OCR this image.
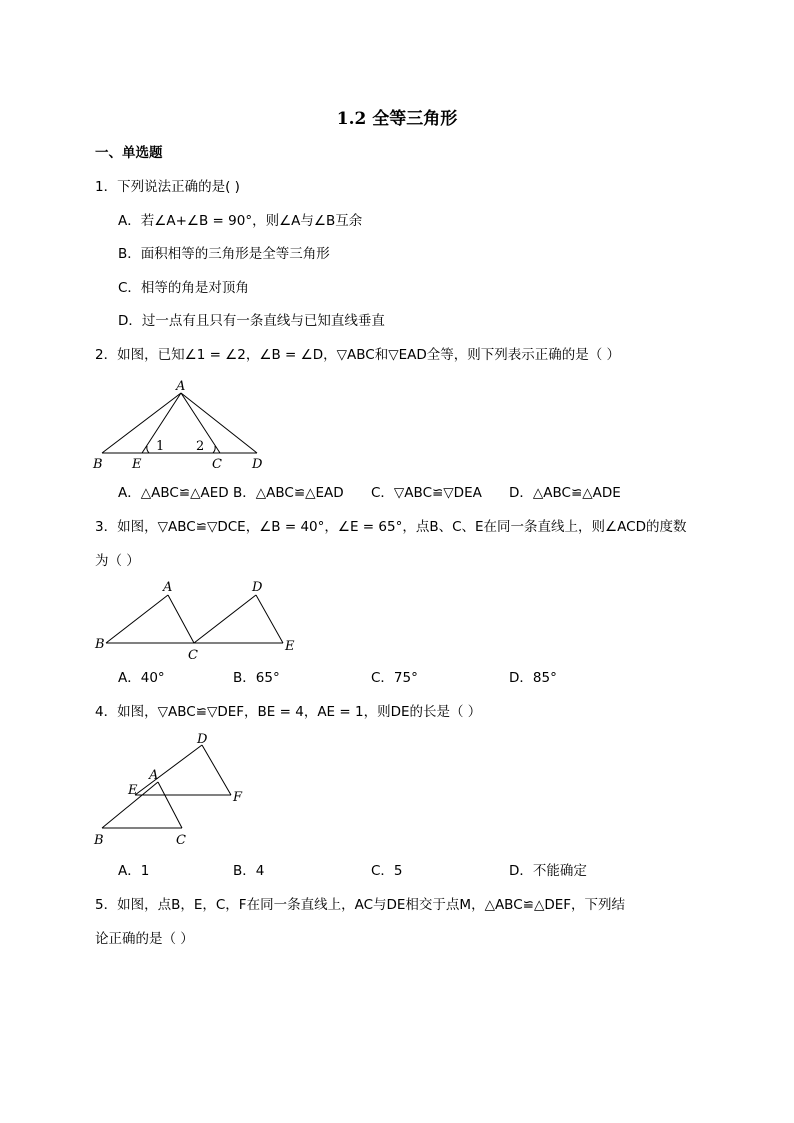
1.2 全等三角形
一、单选题
1．下列说法正确的是( )
A．若∠A+∠B = 90°，则∠A与∠B互余
B．面积相等的三角形是全等三角形
C．相等的角是对顶角
D．过一点有且只有一条直线与已知直线垂直
2．如图，已知∠1 = ∠2，∠B = ∠D，▽ABC和▽EAD全等，则下列表示正确的是（ ）
A
B E	C D
1 2
A．△ABC≌△AED B．△ABC≌△EAD C．▽ABC≌▽DEA D．△ABC≌△ADE
3．如图，▽ABC≌▽DCE，∠B = 40°，∠E = 65°，点B、C、E在同一条直线上，则∠ACD的度数
为（ ）
A
B
C
D
E
A．40°	B．65°	C．75°	D．85°
4．如图，▽ABC≌▽DEF，BE = 4，AE = 1，则DE的长是（ ）
A
B	C
D
E	F
A．1	B．4	C．5	D．不能确定
5．如图，点B，E，C，F在同一条直线上，AC与DE相交于点M，△ABC≌△DEF，下列结
论正确的是（ ）
